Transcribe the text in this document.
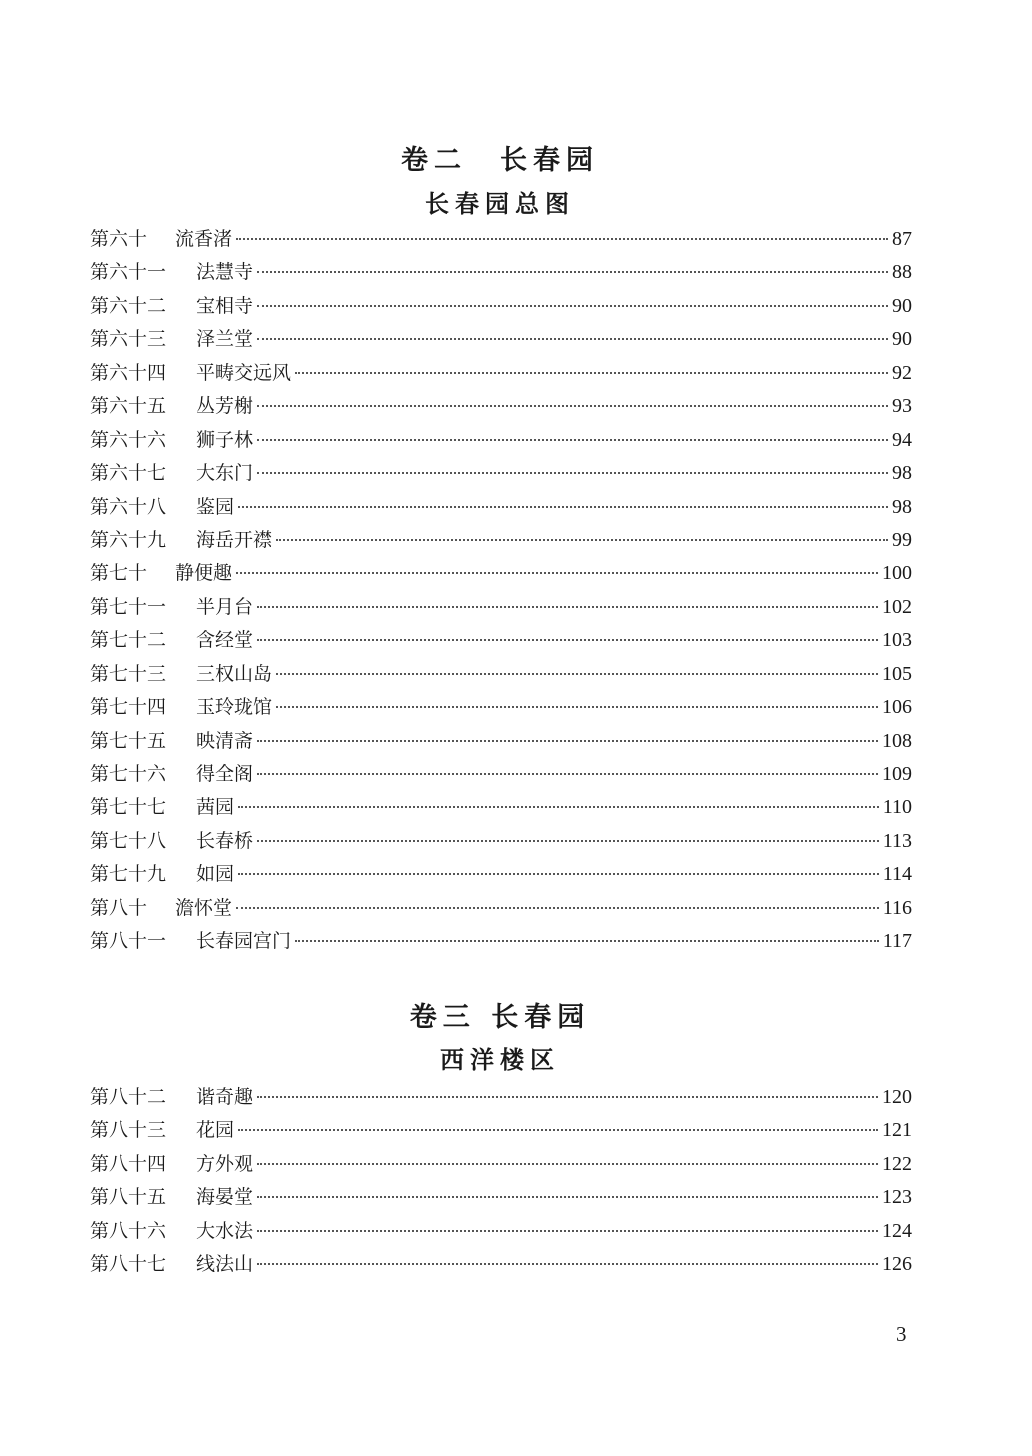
卷二　长春园
长春园总图
第六十	流香渚	87
第六十一	法慧寺	88
第六十二	宝相寺	90
第六十三	泽兰堂	90
第六十四	平畴交远风	92
第六十五	丛芳榭	93
第六十六	狮子林	94
第六十七	大东门	98
第六十八	鉴园	98
第六十九	海岳开襟	99
第七十	静便趣	100
第七十一	半月台	102
第七十二	含经堂	103
第七十三	三权山岛	105
第七十四	玉玲珑馆	106
第七十五	映清斋	108
第七十六	得全阁	109
第七十七	茜园	110
第七十八	长春桥	113
第七十九	如园	114
第八十	澹怀堂	116
第八十一	长春园宫门	117
卷三 长春园
西洋楼区
第八十二	谐奇趣	120
第八十三	花园	121
第八十四	方外观	122
第八十五	海晏堂	123
第八十六	大水法	124
第八十七	线法山	126
3
